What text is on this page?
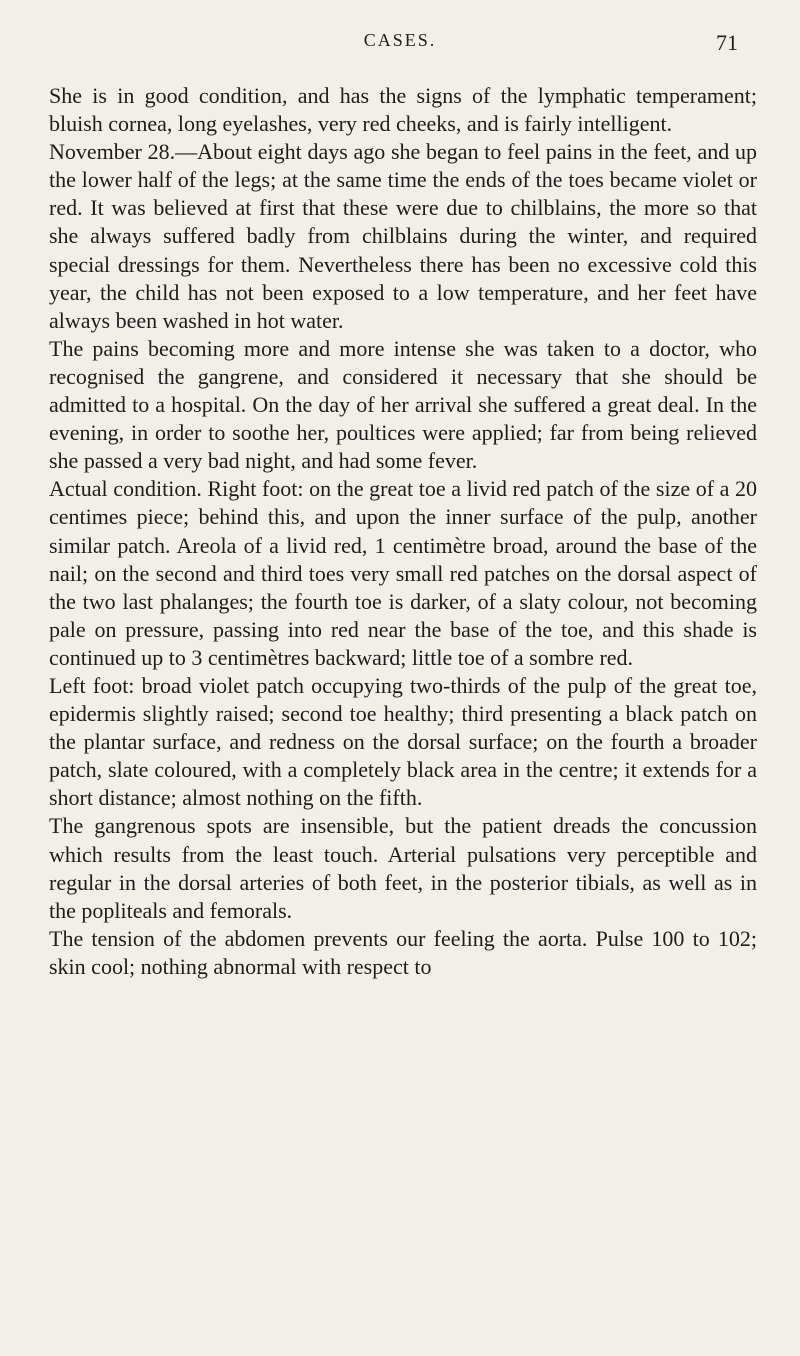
CASES.	71

She is in good condition, and has the signs of the lymphatic temperament; bluish cornea, long eyelashes, very red cheeks, and is fairly intelligent.

November 28.—About eight days ago she began to feel pains in the feet, and up the lower half of the legs; at the same time the ends of the toes became violet or red. It was believed at first that these were due to chilblains, the more so that she always suffered badly from chilblains during the winter, and required special dressings for them. Nevertheless there has been no excessive cold this year, the child has not been exposed to a low temperature, and her feet have always been washed in hot water.

The pains becoming more and more intense she was taken to a doctor, who recognised the gangrene, and considered it necessary that she should be admitted to a hospital. On the day of her arrival she suffered a great deal. In the evening, in order to soothe her, poultices were applied; far from being relieved she passed a very bad night, and had some fever.

Actual condition. Right foot: on the great toe a livid red patch of the size of a 20 centimes piece; behind this, and upon the inner surface of the pulp, another similar patch. Areola of a livid red, 1 centimètre broad, around the base of the nail; on the second and third toes very small red patches on the dorsal aspect of the two last phalanges; the fourth toe is darker, of a slaty colour, not becoming pale on pressure, passing into red near the base of the toe, and this shade is continued up to 3 centimètres backward; little toe of a sombre red.

Left foot: broad violet patch occupying two-thirds of the pulp of the great toe, epidermis slightly raised; second toe healthy; third presenting a black patch on the plantar surface, and redness on the dorsal surface; on the fourth a broader patch, slate coloured, with a completely black area in the centre; it extends for a short distance; almost nothing on the fifth.

The gangrenous spots are insensible, but the patient dreads the concussion which results from the least touch. Arterial pulsations very perceptible and regular in the dorsal arteries of both feet, in the posterior tibials, as well as in the popliteals and femorals.

The tension of the abdomen prevents our feeling the aorta. Pulse 100 to 102; skin cool; nothing abnormal with respect to
